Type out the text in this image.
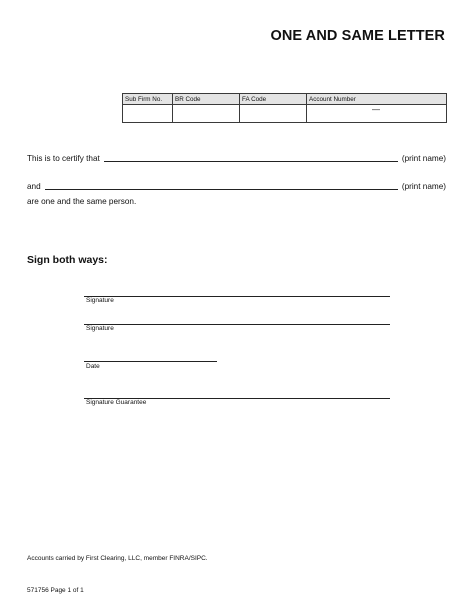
ONE AND SAME LETTER
Sub Firm No.	BR Code	FA Code	Account Number

			—
This is to certify that	(print name)
and	(print name)
are one and the same person.
Sign both ways:
Signature
Signature
Date
Signature Guarantee
Accounts carried by First Clearing, LLC, member FINRA/SIPC.
571756 Page 1 of 1
